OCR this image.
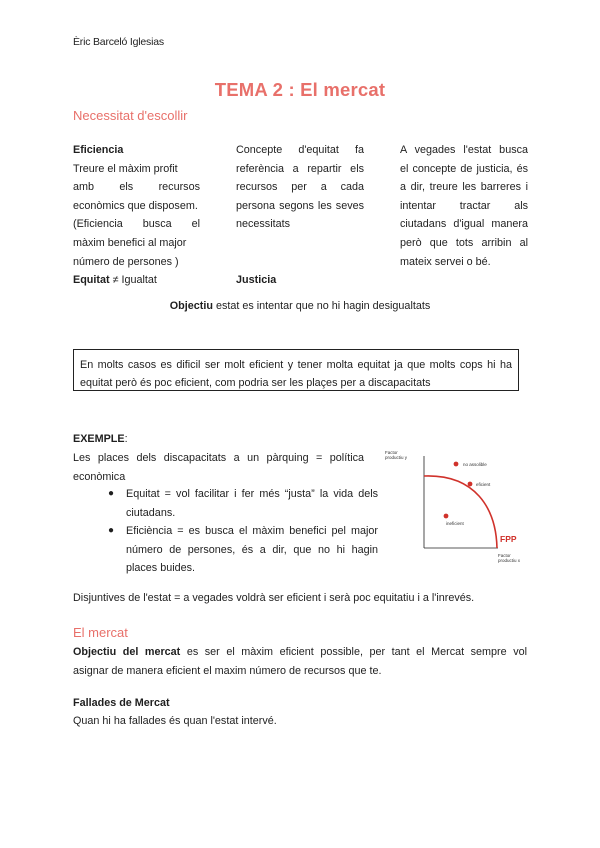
Èric Barceló Iglesias
TEMA 2 : El mercat
Necessitat d'escollir

Eficiencia

Treure el màxim profit

amb els recursos

econòmics que disposem.

(Eficiencia busca el

màxim benefici al major

número de persones )

Equitat ≠ Igualtat

Concepte d'equitat fa

referència a repartir els

recursos per a cada

persona segons les seves

necessitats

Justicia

A vegades l'estat busca

el concepte de justicia, és

a dir, treure les barreres i

intentar tractar als

ciutadans d'igual manera

però que tots arribin al

mateix servei o bé.

Objectiu estat es intentar que no hi hagin desigualtats
En molts casos es dificil ser molt eficient y tener molta equitat ja que molts cops hi ha
equitat però és poc eficient, com podria ser les plaçes per a discapacitats
EXEMPLE:
Les places dels discapacitats a un pàrquing = política
econòmica
● Equitat = vol facilitar i fer més “justa” la vida dels
ciutadans.
● Eficiència = es busca el màxim benefici pel major
número de persones, és a dir, que no hi hagin
places buides.
Factor
productiu y
no assolible
eficient
ineficient
FPP
Factor
productiu x
Disjuntives de l'estat = a vegades voldrà ser eficient i serà poc equitatiu i a l'inrevés.
El mercat
Objectiu del mercat es ser el màxim eficient possible, per tant el Mercat sempre vol
asignar de manera eficient el maxim número de recursos que te.
Fallades de Mercat
Quan hi ha fallades és quan l'estat intervé.
